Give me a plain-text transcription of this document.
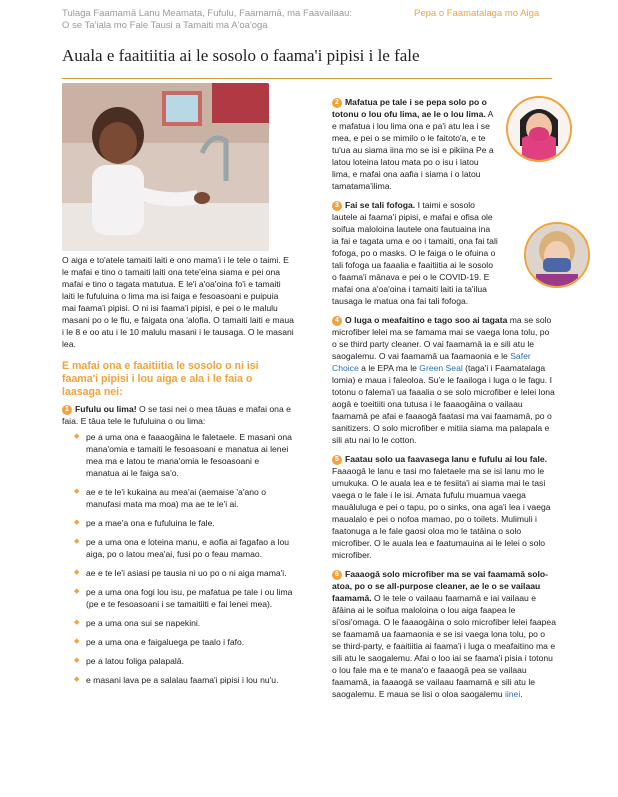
Tulaga Faamamā Lanu Meamata, Fufulu, Faamamā, ma Faavailaau:
O se Ta'iala mo Fale Tausi a Tamaiti ma A'oa'oga
Pepa o Faamatalaga mo Aiga
Auala e faaitiitia ai le sosolo o faama'i pipisi i le fale

O aiga e to'atele tamaiti laiti e ono mama'i i le tele o taimi. E le mafai e tino o tamaiti laiti ona tete'eina siama e pei ona mafai e tino o tagata matutua. E le'i a'oa'oina fo'i e tamaiti laiti le fufuluina o lima ma isi faiga e fesoasoani e puipuia mai faama'i pipisi. O ni isi faama'i pipisi, e pei o le malulu masani po o le flu, e faigata ona 'alofia. O tamaiti laiti e maua i le 8 e oo atu i le 10 malulu masani i le tausaga. O le masani lea.

E mafai ona e faaitiitia le sosolo o ni isi faama'i pipisi i lou aiga e ala i le faia o laasaga nei:
1 Fufulu ou lima! O se tasi nei o mea tāuas e mafai ona e faia. E tāua tele le fufuluina o ou lima:
◆ pe a uma ona e faaaogāina le faletaele. E masani ona mana'omia e tamaiti le fesoasoani e manatua ai lenei mea ma e latou te mana'omia le fesoasoani e manatua ai le faiga sa'o.
◆ ae e te le'i kukaina au mea'ai (aemaise 'a'ano o manufasi mata ma moa) ma ae te le'i ai.
◆ pe a mae'a ona e fufuluina le fale.
◆ pe a uma ona e loteina manu, e aofia ai fagafao a lou aiga, po o latou mea'ai, fusi po o feau mamao.
◆ ae e te le'i asiasi pe tausia ni uo po o ni aiga mama'i.
◆ pe a uma ona fogi lou isu, pe mafatua pe tale i ou lima (pe e te fesoasoani i se tamaitiiti e fai lenei mea).
◆ pe a uma ona sui se napekini.
◆ pe a uma ona e faigaluega pe taalo i fafo.
◆ pe a latou foliga palapalā.
◆ e masani lava pe a salalau faama'i pipisi i lou nu'u.
2 Mafatua pe tale i se pepa solo po o totonu o lou ofu lima, ae le o lou lima. A e mafatua i lou lima ona e pa'i atu lea i se mea, e pei o se mimilo o le faitoto'a, e te tu'ua au siama iina mo se isi e pikiina Pe a latou loteina latou mata po o isu i latou lima, e mafai ona aafia i siama i o latou tamatama'ilima.
3 Fai se tali fofoga. I taimi e sosolo lautele ai faama'i pipisi, e mafai e ofisa ole soifua maloloina lautele ona fautuaina ina ia fai e tagata uma e oo i tamaiti, ona fai tali fofoga, po o masks. O le faiga o le ofuina o tali fofoga ua faaalia e faaitiitia ai le sosolo o faama'i mānava e pei o le COVID-19. E mafai ona a'oa'oina i tamaiti laiti ia ta'ilua tausaga le matua ona fai tali fofoga.
4 O luga o meafaitino e tago soo ai tagata ma se solo microfiber lelei ma se famama mai se vaega lona tolu, po o se third party cleaner. O vai faamamā ia e sili atu le saogalemu. O vai faamamā ua faamaonia e le Safer Choice a le EPA ma le Green Seal (taga'i i Faamatalaga lomia) e maua i faleoloa. Su'e le faailoga i luga o le fagu. I totonu o falema'i ua faaalia o se solo microfiber e lelei lona aogā e toeitiiti ona tutusa i le faaaogāina o vailaau faamamā pe afai e faaaogā faatasi ma vai faamamā, po o sanitizers. O solo microfiber e mitiia siama ma palapala e sili atu nai lo le cotton.
5 Faatau solo ua faavasega lanu e fufulu ai lou fale. Faaaogā le lanu e tasi mo faletaele ma se isi lanu mo le umukuka. O le auala lea e te fesiita'i ai siama mai le tasi vaega o le fale i le isi. Amata fufulu muamua vaega mauāluluga e pei o tapu, po o sinks, ona aga'i lea i vaega maualalo e pei o nofoa mamao, po o toilets. Mulimuli i faatonuga a le fale gaosi oloa mo le tatāina o solo microfiber. O le auala lea e faatumauina ai le lelei o solo microfiber.
6 Faaaogā solo microfiber ma se vai faamamā solo-atoa, po o se all-purpose cleaner, ae le o se vailaau faamamā. O le tele o vailaau faamamā e iai vailaau e āfāina ai le soifua maloloina o lou aiga faapea le si'osi'omaga. O le faaaogāina o solo microfiber lelei faapea se faamamā ua faamaonia e se isi vaega lona tolu, po o se third-party, e faaitiitia ai faama'i i luga o meafaitino ma e sili atu le saogalemu. Afai o loo iai se faama'i pisia i totonu o lou fale ma e te mana'o e faaaogā pea se vailaau faamamā, ia faaaogā se vailaau faamamā e sili atu le saogalemu. E maua se lisi o oloa saogalemu iinei.
